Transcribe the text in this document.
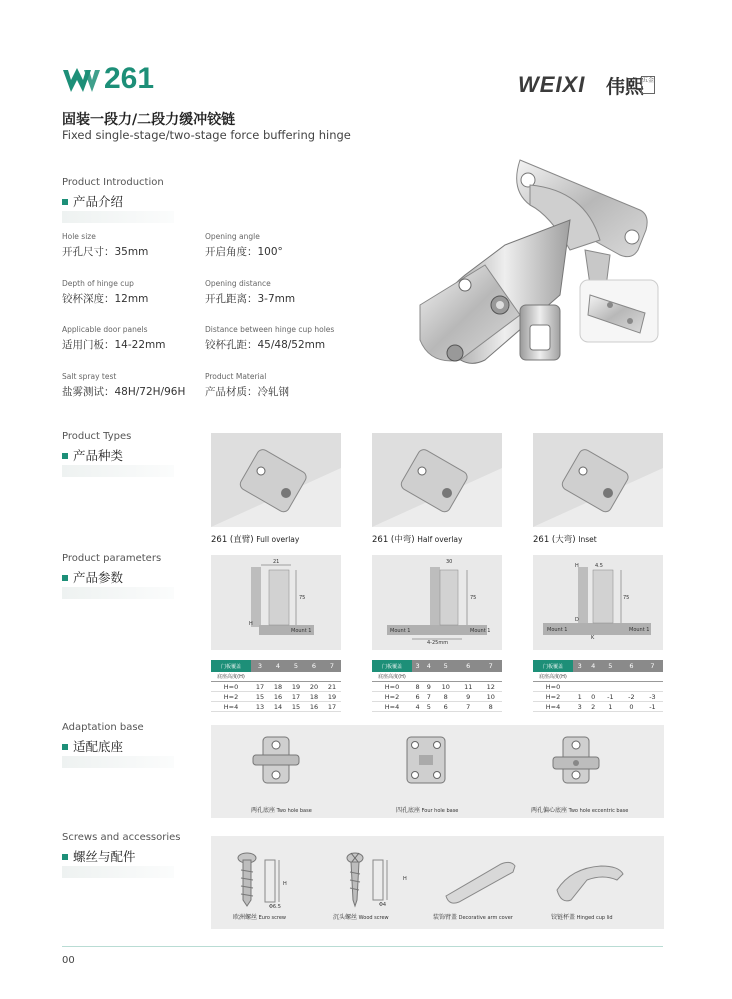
261	WEIXI 伟熙
五金
固装一段力/二段力缓冲铰链
Fixed single-stage/two-stage force buffering hinge
Product Introduction
产品介绍
Hole size
开孔尺寸：35mm
Opening angle
开启角度：100°
Depth of hinge cup
铰杯深度：12mm
Opening distance
开孔距离：3-7mm
Applicable door panels
适用门板：14-22mm
Distance between hinge cup holes
铰杯孔距：45/48/52mm
Salt spray test
盐雾测试：48H/72H/96H
Product Material
产品材质：冷轧钢
Product Types
产品种类
261 (直臂) Full overlay	261 (中弯) Half overlay	261 (大弯) Inset
Product parameters
产品参数
21
75
H
Mount 1
30
75
Mount 1	Mount 1
4-25mm
H	4.5
75
D
K
Mount 1	Mount 1
门板覆盖	3	4	5	6	7
底座高度(H)					
H=0	17	18	19	20	21
H=2	15	16	17	18	19
H=4	13	14	15	16	17
门板覆盖	3	4	5	6	7
底座高度(H)					
H=0	8	9	10	11	12
H=2	6	7	8	9	10
H=4	4	5	6	7	8
门板覆盖	3	4	5	6	7
底座高度(H)					
H=0					
H=2	1	0	-1	-2	-3
H=4	3	2	1	0	-1
Adaptation base
适配底座
两孔底座 Two hole base	四孔底座 Four hole base	两孔偏心底座 Two hole eccentric base
Screws and accessories
螺丝与配件
H
Φ6.5
H
Φ4
欧洲螺丝 Euro screw	沉头螺丝 Wood screw	装饰臂盖 Decorative arm cover	铰链杯盖 Hinged cup lid
00
